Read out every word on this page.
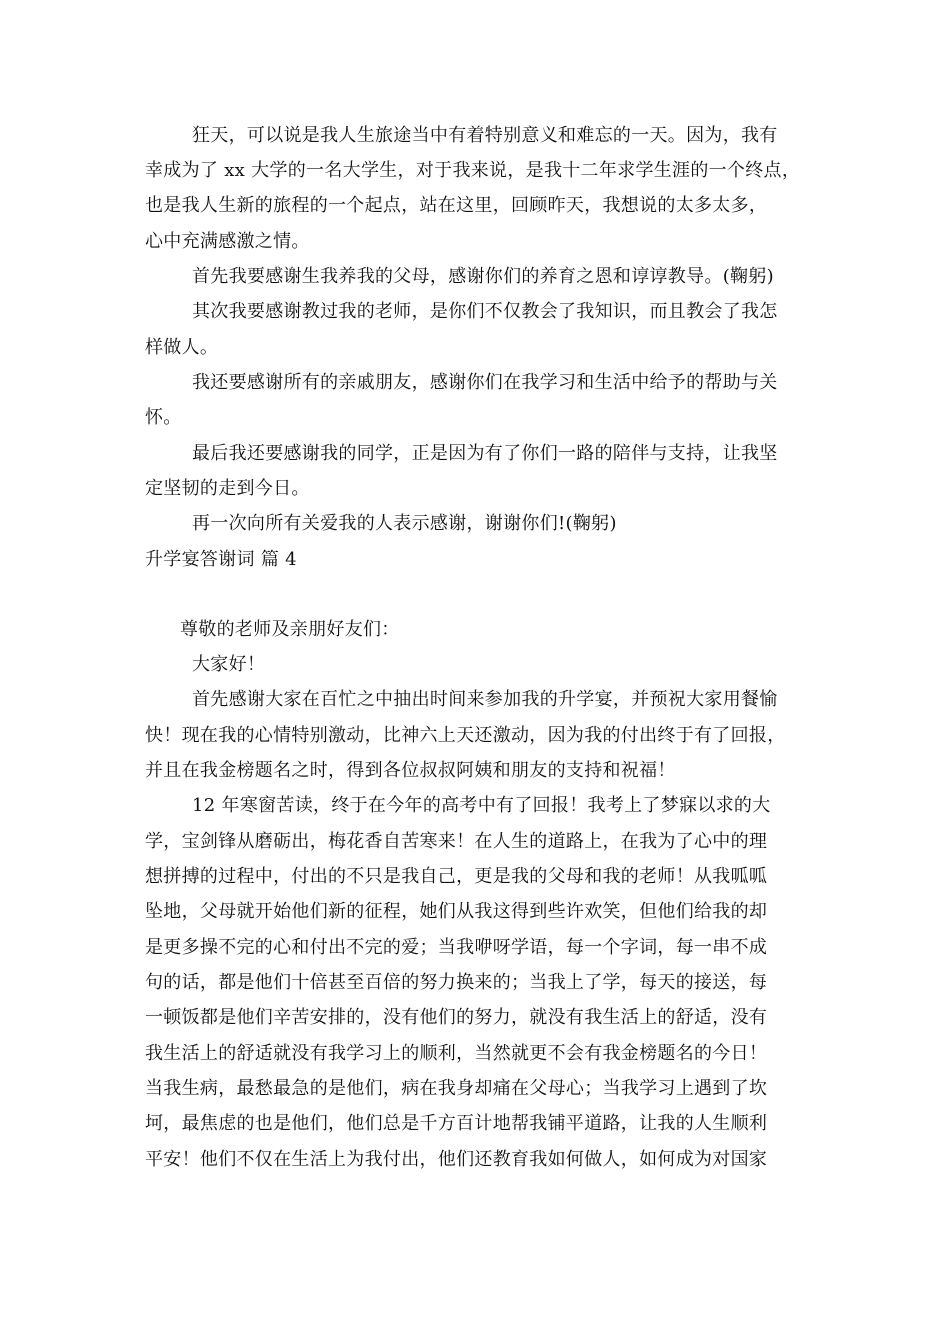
狂天，可以说是我人生旅途当中有着特别意义和难忘的一天。因为，我有
幸成为了 xx 大学的一名大学生，对于我来说，是我十二年求学生涯的一个终点，
也是我人生新的旅程的一个起点，站在这里，回顾昨天，我想说的太多太多，
心中充满感激之情。
首先我要感谢生我养我的父母，感谢你们的养育之恩和谆谆教导。(鞠躬)
其次我要感谢教过我的老师，是你们不仅教会了我知识，而且教会了我怎
样做人。
我还要感谢所有的亲戚朋友，感谢你们在我学习和生活中给予的帮助与关
怀。
最后我还要感谢我的同学，正是因为有了你们一路的陪伴与支持，让我坚
定坚韧的走到今日。
再一次向所有关爱我的人表示感谢，谢谢你们!(鞠躬)
升学宴答谢词 篇 4
尊敬的老师及亲朋好友们：
大家好！
首先感谢大家在百忙之中抽出时间来参加我的升学宴，并预祝大家用餐愉
快！现在我的心情特别激动，比神六上天还激动，因为我的付出终于有了回报，
并且在我金榜题名之时，得到各位叔叔阿姨和朋友的支持和祝福！
12 年寒窗苦读，终于在今年的高考中有了回报！我考上了梦寐以求的大
学，宝剑锋从磨砺出，梅花香自苦寒来！在人生的道路上，在我为了心中的理
想拼搏的过程中，付出的不只是我自己，更是我的父母和我的老师！从我呱呱
坠地，父母就开始他们新的征程，她们从我这得到些许欢笑，但他们给我的却
是更多操不完的心和付出不完的爱；当我咿呀学语，每一个字词，每一串不成
句的话，都是他们十倍甚至百倍的努力换来的；当我上了学，每天的接送，每
一顿饭都是他们辛苦安排的，没有他们的努力，就没有我生活上的舒适，没有
我生活上的舒适就没有我学习上的顺利，当然就更不会有我金榜题名的今日！
当我生病，最愁最急的是他们，病在我身却痛在父母心；当我学习上遇到了坎
坷，最焦虑的也是他们，他们总是千方百计地帮我铺平道路，让我的人生顺利
平安！他们不仅在生活上为我付出，他们还教育我如何做人，如何成为对国家
